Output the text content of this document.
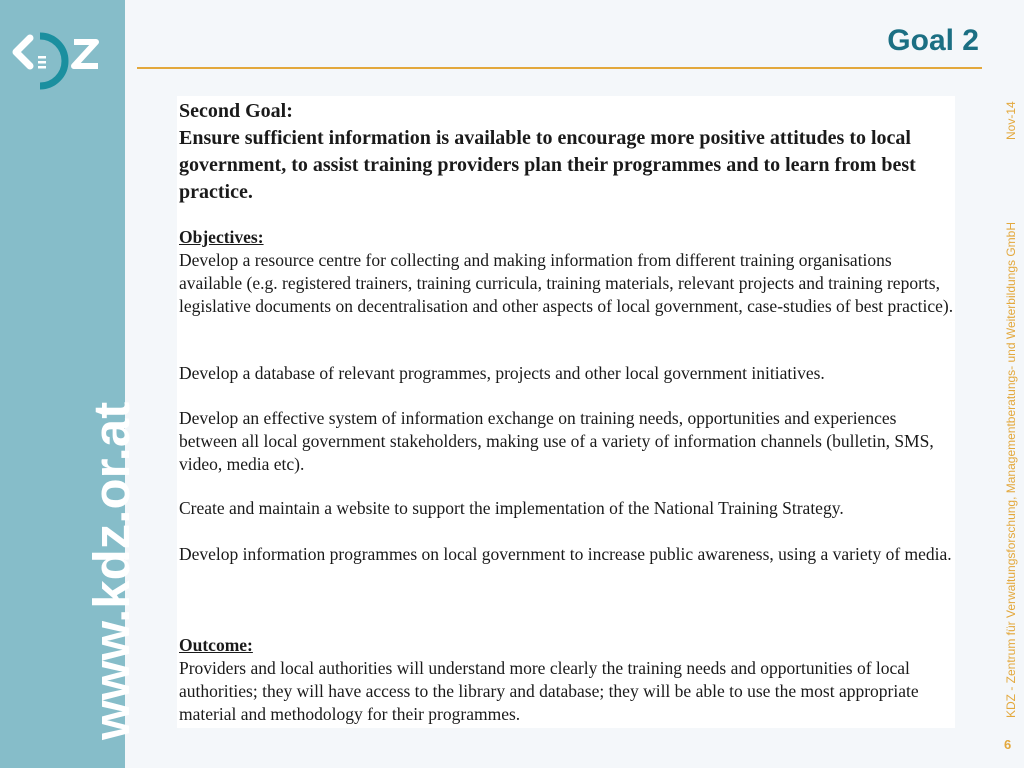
www.kdz.or.at
Goal 2
Second Goal:
Ensure sufficient information is available to encourage more positive attitudes to local government, to assist training providers plan their programmes and to learn from best practice.
Objectives:
Develop a resource centre for collecting and making information from different training organisations available (e.g. registered trainers, training curricula, training materials, relevant projects and training reports, legislative documents on decentralisation and other aspects of local government, case-studies of best practice).
Develop a database of relevant programmes, projects and other local government initiatives.
Develop an effective system of information exchange on training needs, opportunities and experiences between all local government stakeholders, making use of a variety of information channels (bulletin, SMS, video, media etc).
Create and maintain a website to support the implementation of the National Training Strategy.
Develop information programmes on local government to increase public awareness, using a variety of media.
Outcome:
Providers and local authorities will understand more clearly the training needs and opportunities of local authorities; they will have access to the library and database; they will be able to use the most appropriate material and methodology for their programmes.
Nov-14
KDZ - Zentrum für Verwaltungsforschung, Managementberatungs- und Weiterbildungs GmbH
6
